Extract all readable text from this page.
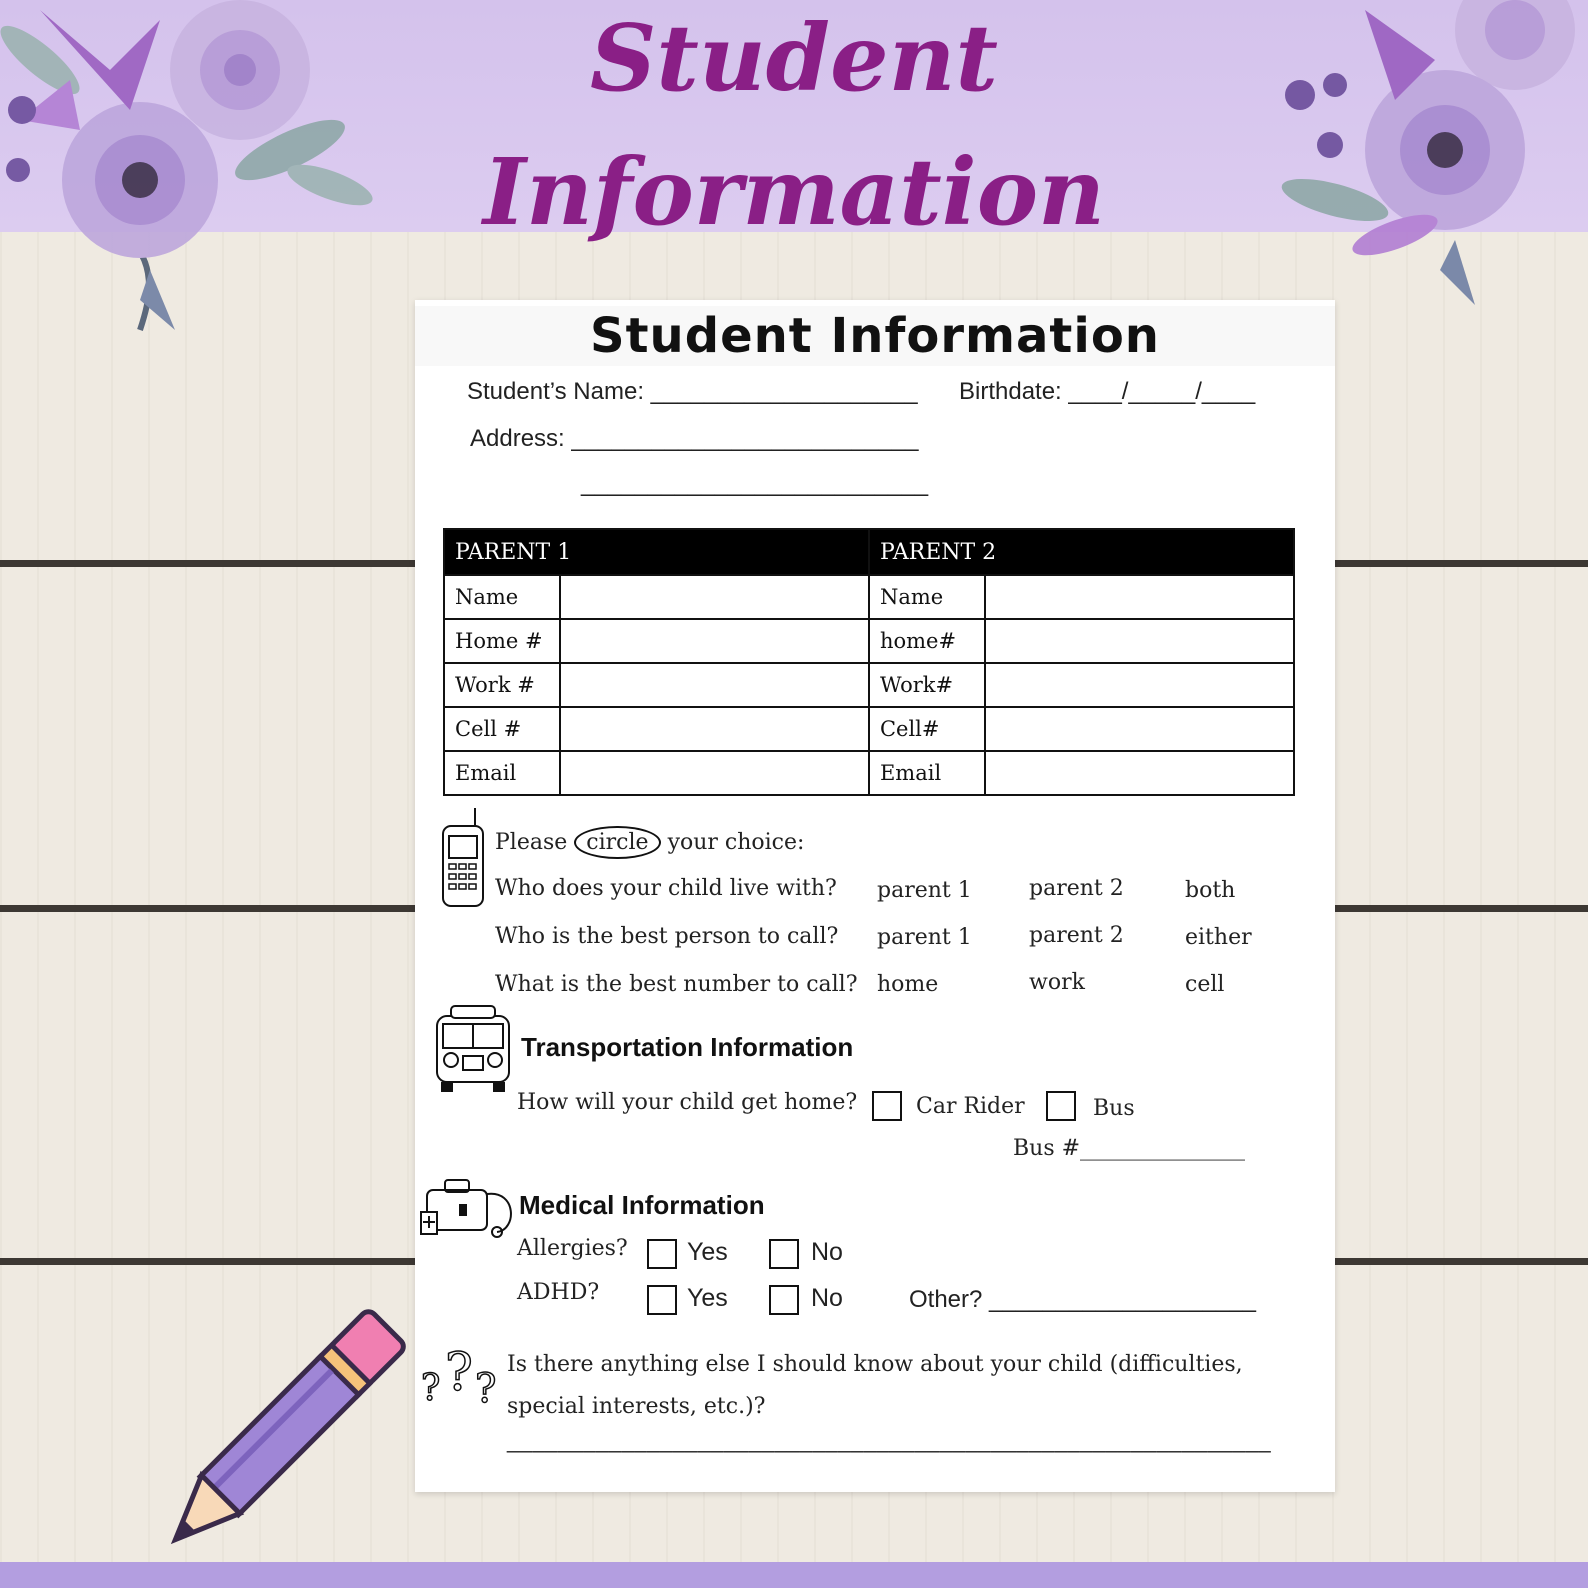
Student
Information
Student Information
Student’s Name: ____________________ Birthdate: ____/_____/____
Address: __________________________
__________________________
PARENT 1		PARENT 2	
Name		Name	
Home #		home#	
Work #		Work#	
Cell #		Cell#	
Email		Email	
Please circle your choice:
Who does your child live with? parent 1	parent 2	both
Who is the best person to call? parent 1	parent 2	either
What is the best number to call? home	work	cell
Transportation Information
How will your child get home?	Car Rider	Bus
Bus #_______________
Medical Information
Allergies? Yes	No
ADHD?	Yes	No	Other? ____________________
? ? ?
Is there anything else I should know about your child (difficulties,
special interests, etc.)?
____________________________________________________________
